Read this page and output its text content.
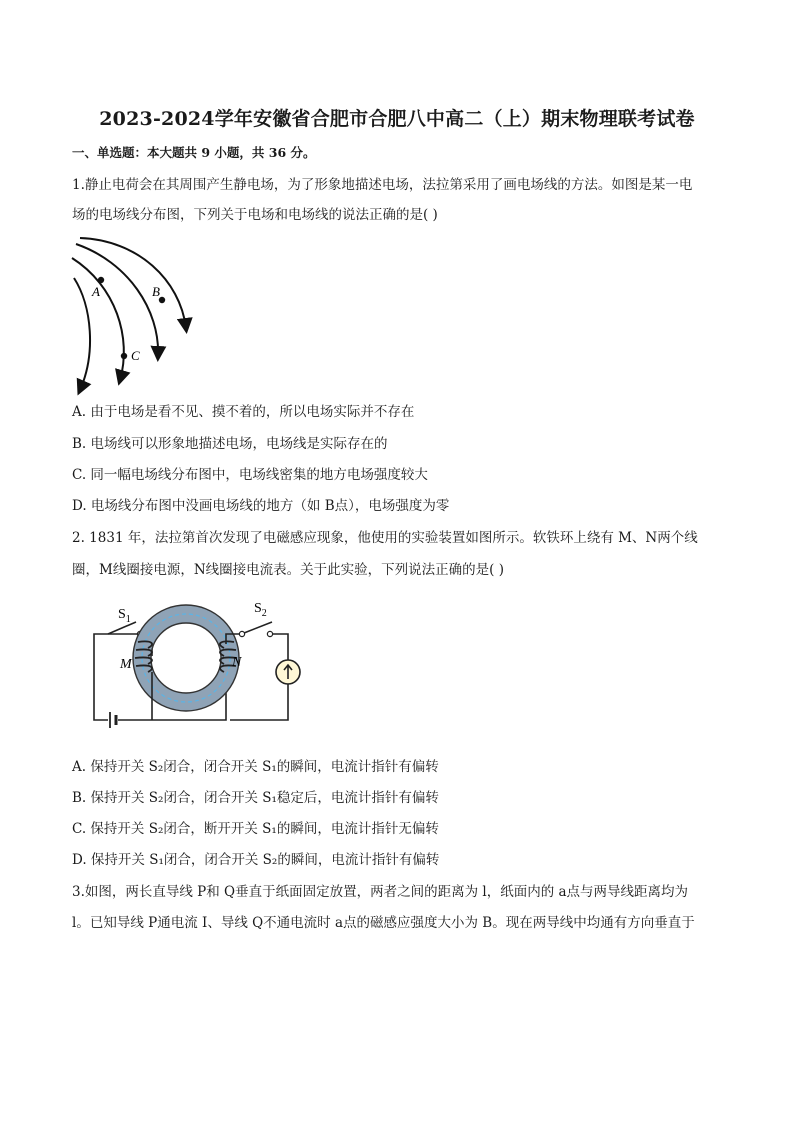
2023-2024学年安徽省合肥市合肥八中高二（上）期末物理联考试卷
一、单选题：本大题共 9 小题，共 36 分。
1.静止电荷会在其周围产生静电场，为了形象地描述电场，法拉第采用了画电场线的方法。如图是某一电
场的电场线分布图，下列关于电场和电场线的说法正确的是( )
A	B
C
A. 由于电场是看不见、摸不着的，所以电场实际并不存在
B. 电场线可以形象地描述电场，电场线是实际存在的
C. 同一幅电场线分布图中，电场线密集的地方电场强度较大
D. 电场线分布图中没画电场线的地方（如 B点），电场强度为零
2. 1831 年，法拉第首次发现了电磁感应现象，他使用的实验装置如图所示。软铁环上绕有 M、N两个线
圈，M线圈接电源，N线圈接电流表。关于此实验，下列说法正确的是( )
$S_1$
$S_2$
M	N
A. 保持开关 S₂闭合，闭合开关 S₁的瞬间，电流计指针有偏转
B. 保持开关 S₂闭合，闭合开关 S₁稳定后，电流计指针有偏转
C. 保持开关 S₂闭合，断开开关 S₁的瞬间，电流计指针无偏转
D. 保持开关 S₁闭合，闭合开关 S₂的瞬间，电流计指针有偏转
3.如图，两长直导线 P和 Q垂直于纸面固定放置，两者之间的距离为 l，纸面内的 a点与两导线距离均为
l。已知导线 P通电流 I、导线 Q不通电流时 a点的磁感应强度大小为 B。现在两导线中均通有方向垂直于
